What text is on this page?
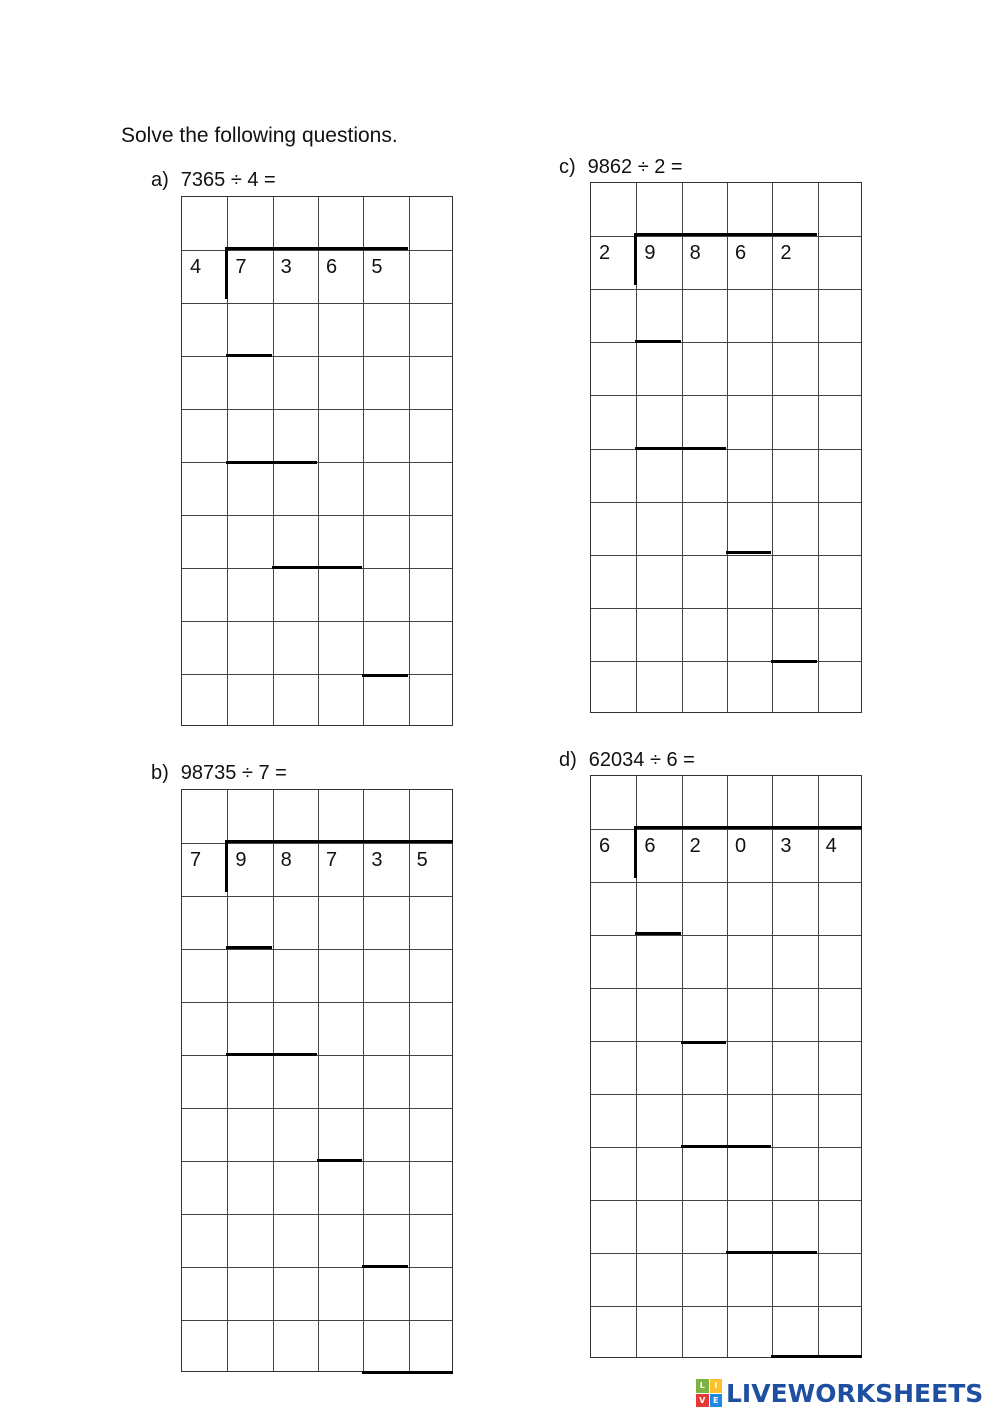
Solve the following questions.
a) 7365 ÷ 4 =
4	7	3	6	5
b) 98735 ÷ 7 =
7	9	8	7	3	5
c) 9862 ÷ 2 =
2	9	8	6	2
d) 62034 ÷ 6 =
6	6	2	0	3	4
L	I
V E LIVEWORKSHEETS
